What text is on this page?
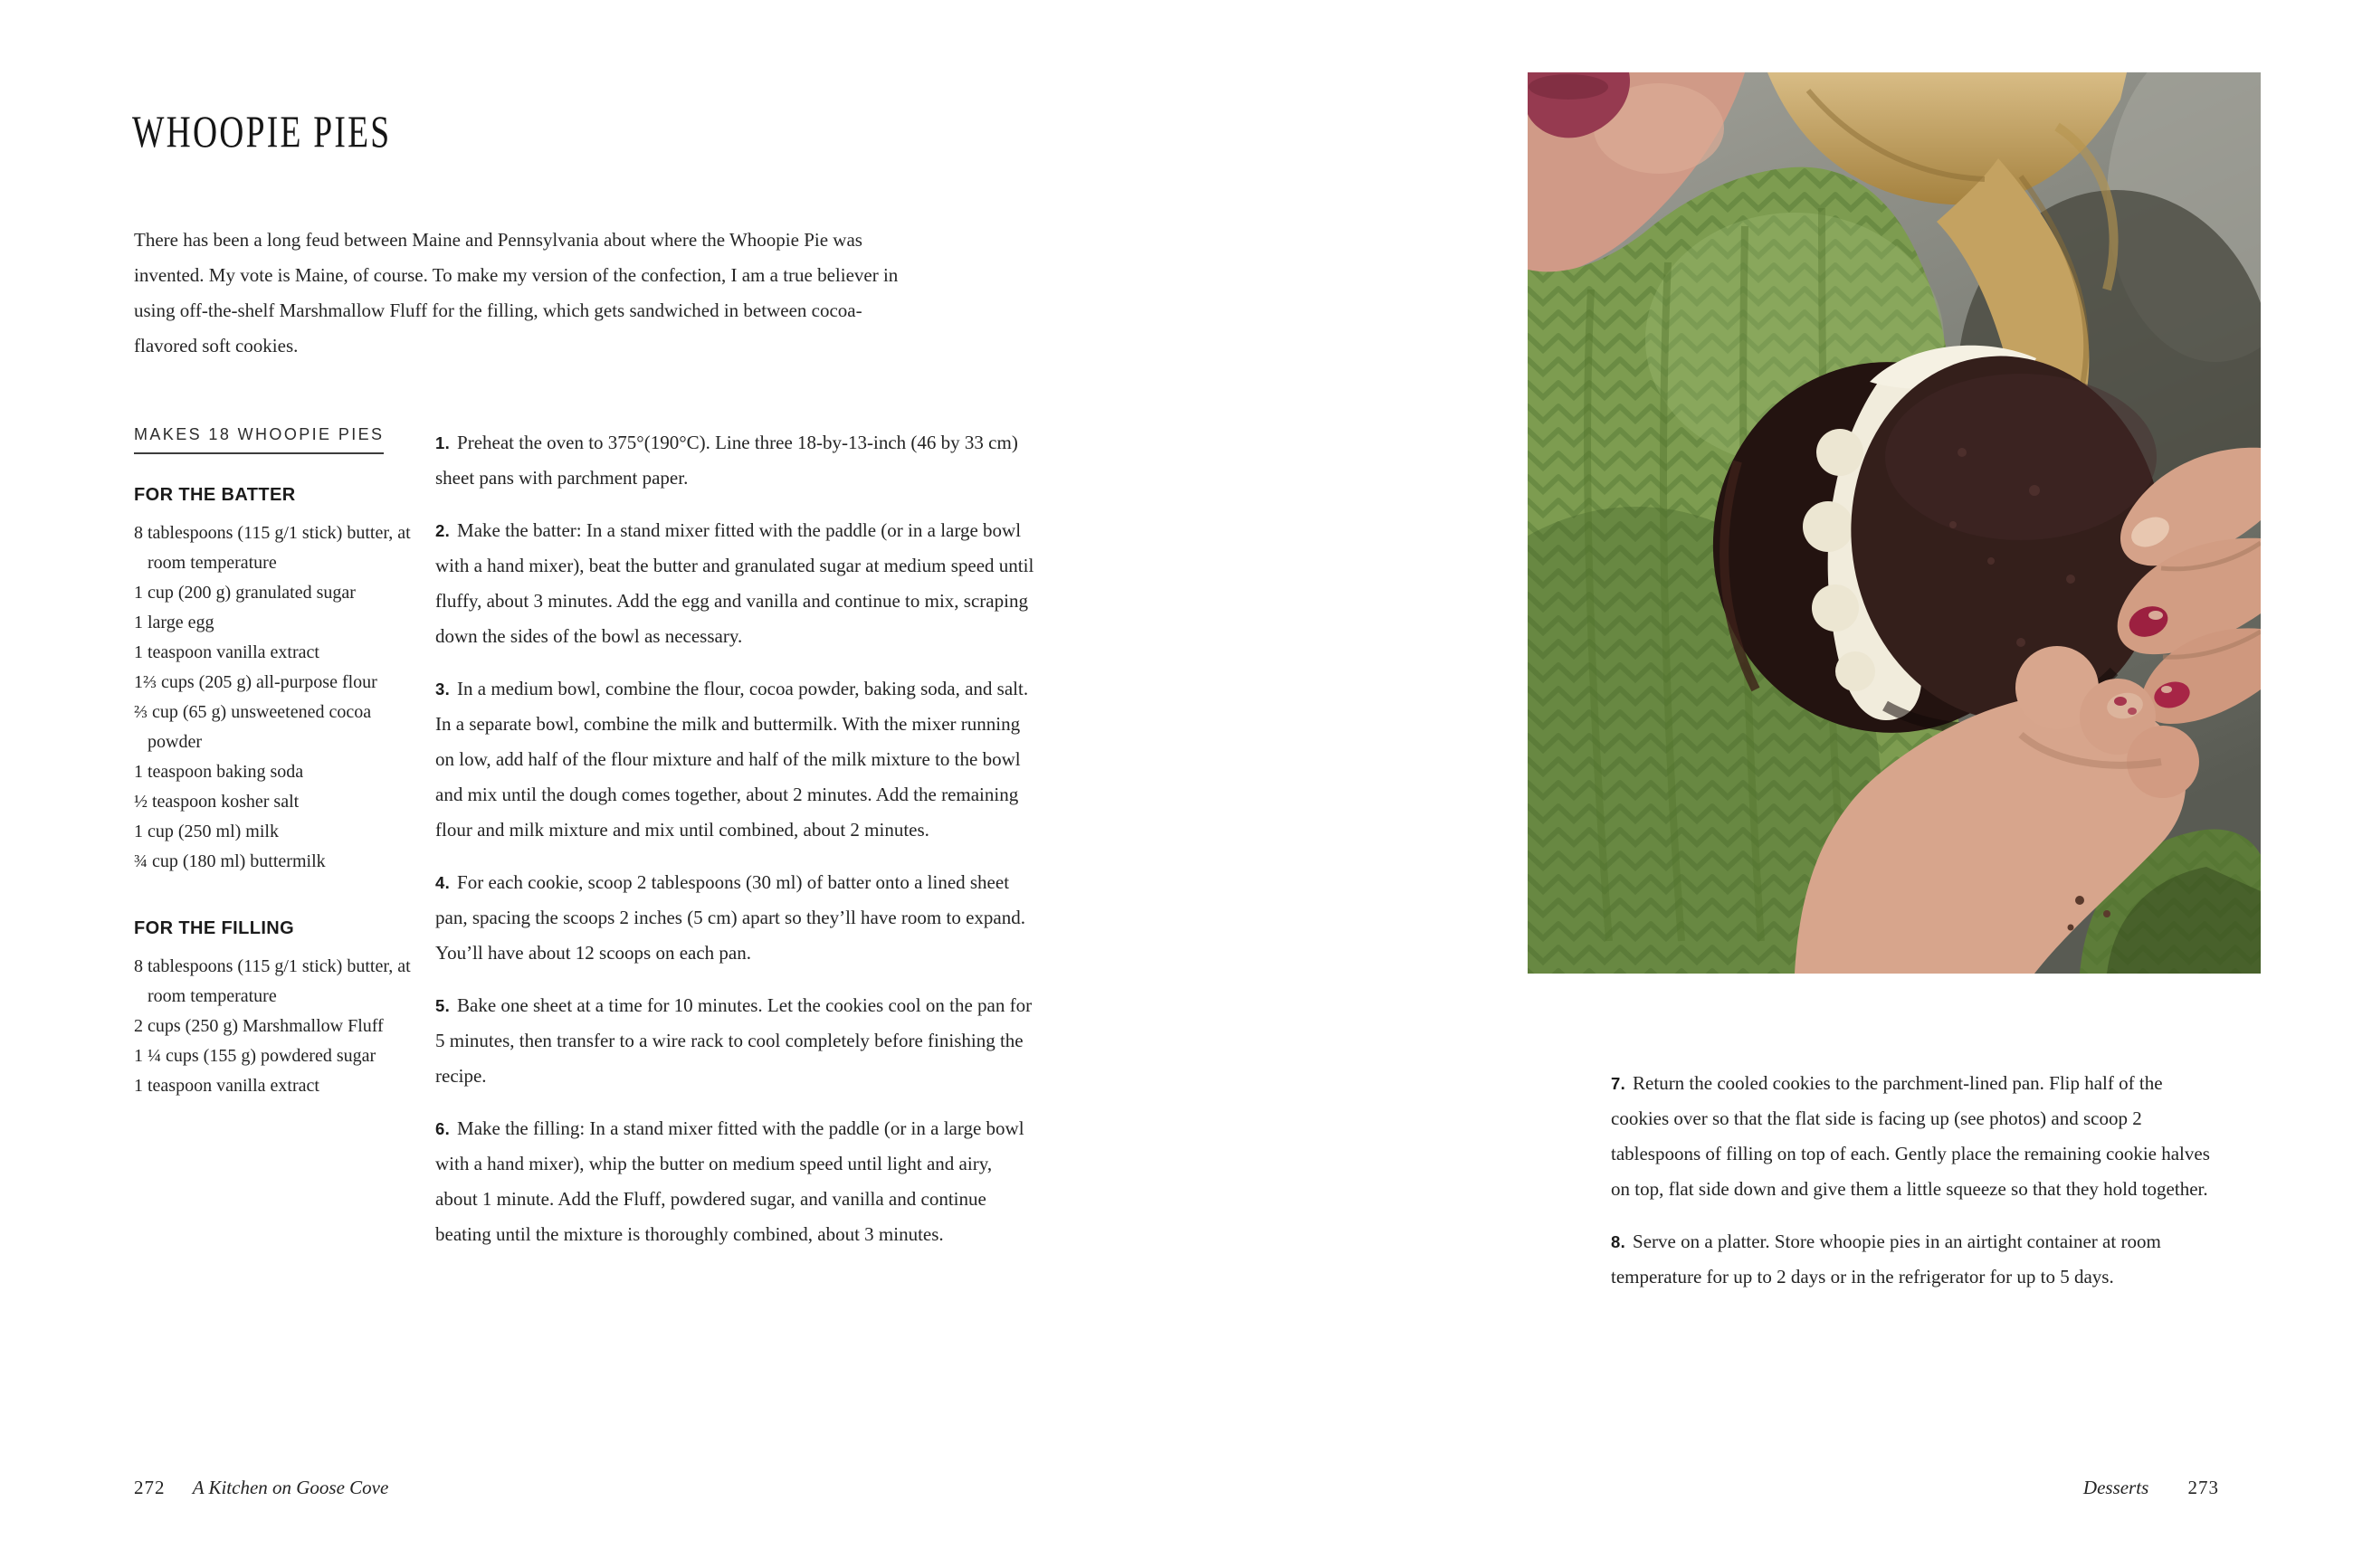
WHOOPIE PIES

There has been a long feud between Maine and Pennsylvania about where the Whoopie Pie was invented. My vote is Maine, of course. To make my version of the confection, I am a true believer in using off-the-shelf Marshmallow Fluff for the filling, which gets sandwiched in between cocoa-flavored soft cookies.

MAKES 18 WHOOPIE PIES
FOR THE BATTER
8 tablespoons (115 g/1 stick) butter, at room temperature
1 cup (200 g) granulated sugar
1 large egg
1 teaspoon vanilla extract
1⅔ cups (205 g) all-purpose flour
⅔ cup (65 g) unsweetened cocoa powder
1 teaspoon baking soda
½ teaspoon kosher salt
1 cup (250 ml) milk
¾ cup (180 ml) buttermilk
FOR THE FILLING
8 tablespoons (115 g/1 stick) butter, at room temperature
2 cups (250 g) Marshmallow Fluff
1 ¼ cups (155 g) powdered sugar
1 teaspoon vanilla extract

1. Preheat the oven to 375°(190°C). Line three 18-by-13-inch (46 by 33 cm) sheet pans with parchment paper.

2. Make the batter: In a stand mixer fitted with the paddle (or in a large bowl with a hand mixer), beat the butter and granulated sugar at medium speed until fluffy, about 3 minutes. Add the egg and vanilla and continue to mix, scraping down the sides of the bowl as necessary.

3. In a medium bowl, combine the flour, cocoa powder, baking soda, and salt. In a separate bowl, combine the milk and buttermilk. With the mixer running on low, add half of the flour mixture and half of the milk mixture to the bowl and mix until the dough comes together, about 2 minutes. Add the remaining flour and milk mixture and mix until combined, about 2 minutes.

4. For each cookie, scoop 2 tablespoons (30 ml) of batter onto a lined sheet pan, spacing the scoops 2 inches (5 cm) apart so they’ll have room to expand. You’ll have about 12 scoops on each pan.

5. Bake one sheet at a time for 10 minutes. Let the cookies cool on the pan for 5 minutes, then transfer to a wire rack to cool completely before finishing the recipe.

6. Make the filling: In a stand mixer fitted with the paddle (or in a large bowl with a hand mixer), whip the butter on medium speed until light and airy, about 1 minute. Add the Fluff, powdered sugar, and vanilla and continue beating until the mixture is thoroughly combined, about 3 minutes.

272 A Kitchen on Goose Cove

7. Return the cooled cookies to the parchment-lined pan. Flip half of the cookies over so that the flat side is facing up (see photos) and scoop 2 tablespoons of filling on top of each. Gently place the remaining cookie halves on top, flat side down and give them a little squeeze so that they hold together.

8. Serve on a platter. Store whoopie pies in an airtight container at room temperature for up to 2 days or in the refrigerator for up to 5 days.

Desserts 273
